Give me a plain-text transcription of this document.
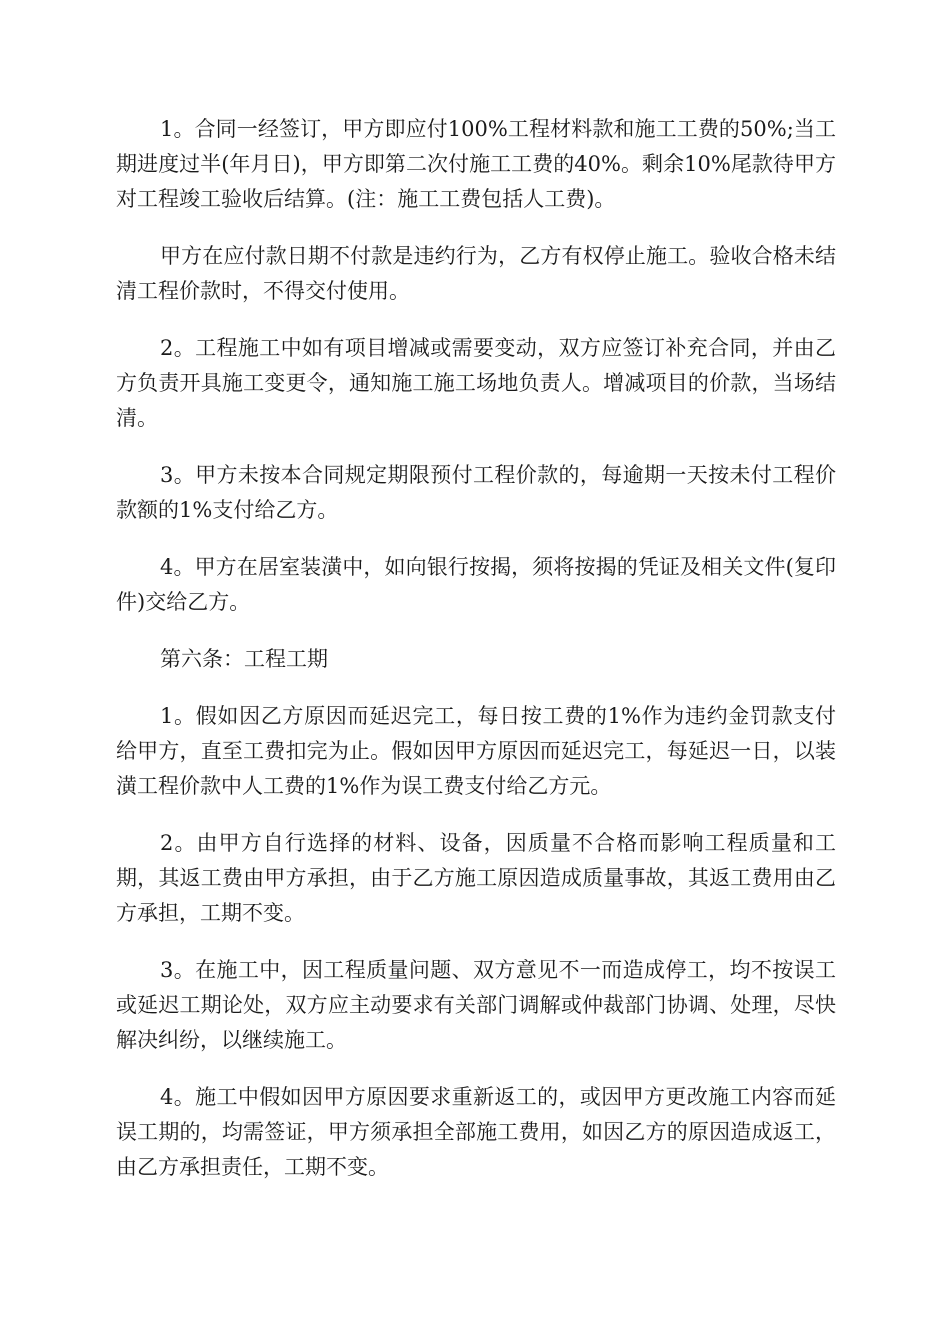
1。合同一经签订，甲方即应付100%工程材料款和施工工费的50%;当工期进度过半(年月日)，甲方即第二次付施工工费的40%。剩余10%尾款待甲方对工程竣工验收后结算。(注：施工工费包括人工费)。

甲方在应付款日期不付款是违约行为，乙方有权停止施工。验收合格未结清工程价款时，不得交付使用。

2。工程施工中如有项目增减或需要变动，双方应签订补充合同，并由乙方负责开具施工变更令，通知施工施工场地负责人。增减项目的价款，当场结清。

3。甲方未按本合同规定期限预付工程价款的，每逾期一天按未付工程价款额的1%支付给乙方。

4。甲方在居室装潢中，如向银行按揭，须将按揭的凭证及相关文件(复印件)交给乙方。

第六条：工程工期

1。假如因乙方原因而延迟完工，每日按工费的1%作为违约金罚款支付给甲方，直至工费扣完为止。假如因甲方原因而延迟完工，每延迟一日，以装潢工程价款中人工费的1%作为误工费支付给乙方元。

2。由甲方自行选择的材料、设备，因质量不合格而影响工程质量和工期，其返工费由甲方承担，由于乙方施工原因造成质量事故，其返工费用由乙方承担，工期不变。

3。在施工中，因工程质量问题、双方意见不一而造成停工，均不按误工或延迟工期论处，双方应主动要求有关部门调解或仲裁部门协调、处理，尽快解决纠纷，以继续施工。

4。施工中假如因甲方原因要求重新返工的，或因甲方更改施工内容而延误工期的，均需签证，甲方须承担全部施工费用，如因乙方的原因造成返工，由乙方承担责任，工期不变。
